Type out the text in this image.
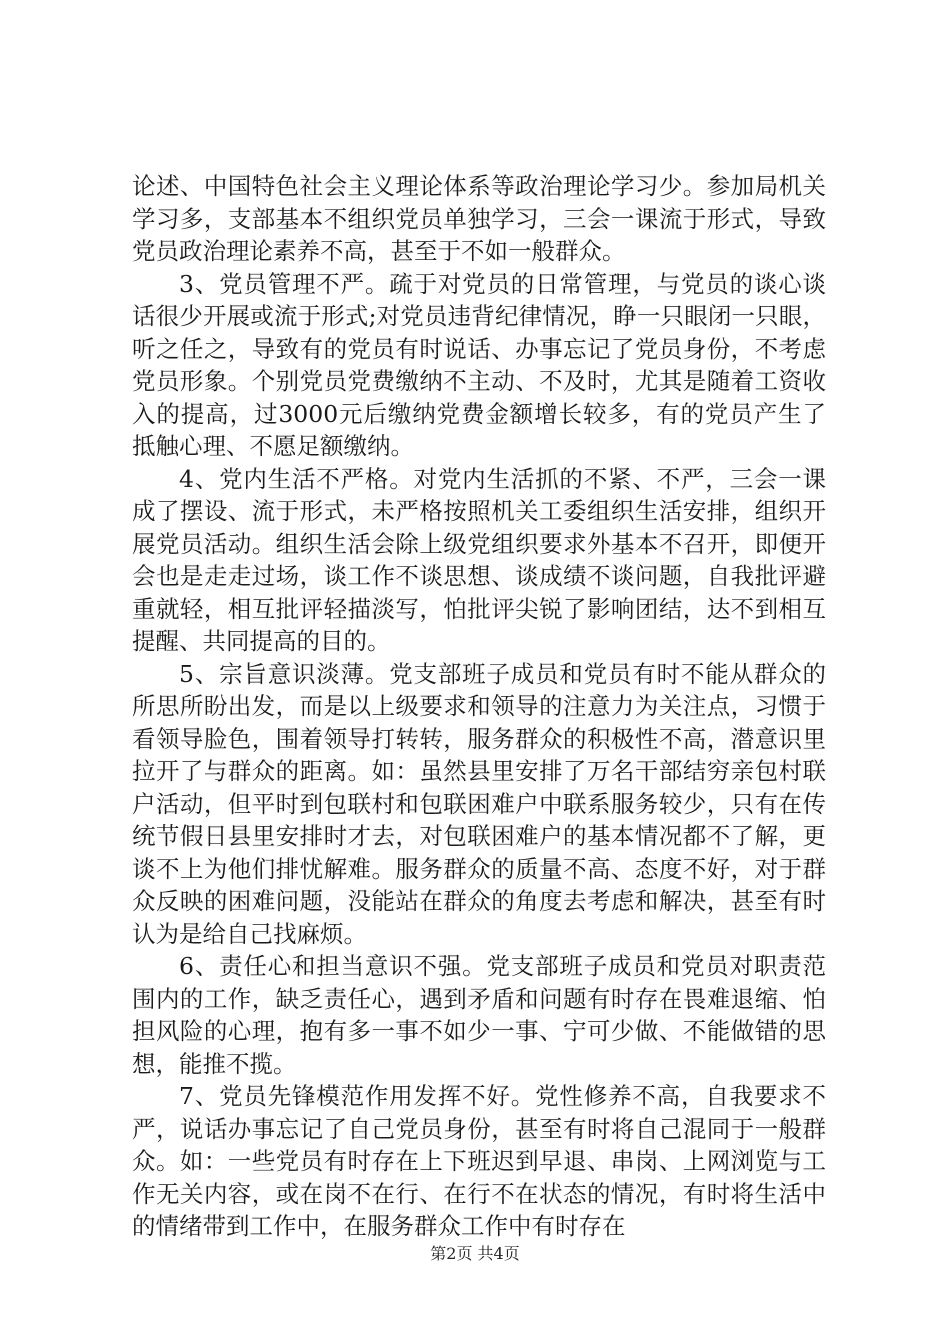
论述、中国特色社会主义理论体系等政治理论学习少。参加局机关学习多，支部基本不组织党员单独学习，三会一课流于形式，导致党员政治理论素养不高，甚至于不如一般群众。

3、党员管理不严。疏于对党员的日常管理，与党员的谈心谈话很少开展或流于形式;对党员违背纪律情况，睁一只眼闭一只眼，听之任之，导致有的党员有时说话、办事忘记了党员身份，不考虑党员形象。个别党员党费缴纳不主动、不及时，尤其是随着工资收入的提高，过3000元后缴纳党费金额增长较多，有的党员产生了抵触心理、不愿足额缴纳。

4、党内生活不严格。对党内生活抓的不紧、不严，三会一课成了摆设、流于形式，未严格按照机关工委组织生活安排，组织开展党员活动。组织生活会除上级党组织要求外基本不召开，即便开会也是走走过场，谈工作不谈思想、谈成绩不谈问题，自我批评避重就轻，相互批评轻描淡写，怕批评尖锐了影响团结，达不到相互提醒、共同提高的目的。

5、宗旨意识淡薄。党支部班子成员和党员有时不能从群众的所思所盼出发，而是以上级要求和领导的注意力为关注点，习惯于看领导脸色，围着领导打转转，服务群众的积极性不高，潜意识里拉开了与群众的距离。如：虽然县里安排了万名干部结穷亲包村联户活动，但平时到包联村和包联困难户中联系服务较少，只有在传统节假日县里安排时才去，对包联困难户的基本情况都不了解，更谈不上为他们排忧解难。服务群众的质量不高、态度不好，对于群众反映的困难问题，没能站在群众的角度去考虑和解决，甚至有时认为是给自己找麻烦。

6、责任心和担当意识不强。党支部班子成员和党员对职责范围内的工作，缺乏责任心，遇到矛盾和问题有时存在畏难退缩、怕担风险的心理，抱有多一事不如少一事、宁可少做、不能做错的思想，能推不揽。

7、党员先锋模范作用发挥不好。党性修养不高，自我要求不严，说话办事忘记了自己党员身份，甚至有时将自己混同于一般群众。如：一些党员有时存在上下班迟到早退、串岗、上网浏览与工作无关内容，或在岗不在行、在行不在状态的情况，有时将生活中的情绪带到工作中，在服务群众工作中有时存在

第2页 共4页
